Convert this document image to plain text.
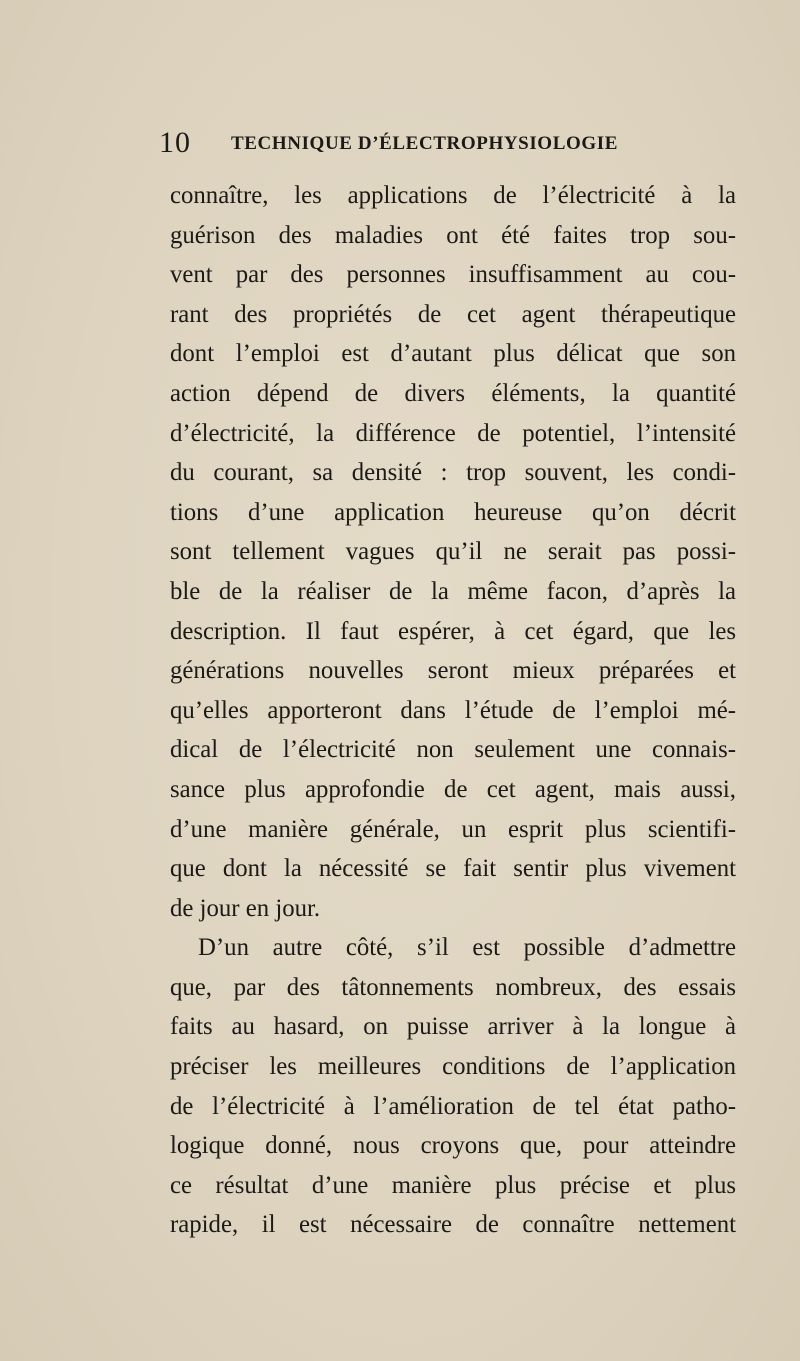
10 TECHNIQUE D’ÉLECTROPHYSIOLOGIE
connaître, les applications de l’électricité à la
guérison des maladies ont été faites trop sou-
vent par des personnes insuffisamment au cou-
rant des propriétés de cet agent thérapeutique
dont l’emploi est d’autant plus délicat que son
action dépend de divers éléments, la quantité
d’électricité, la différence de potentiel, l’intensité
du courant, sa densité : trop souvent, les condi-
tions d’une application heureuse qu’on décrit
sont tellement vagues qu’il ne serait pas possi-
ble de la réaliser de la même facon, d’après la
description. Il faut espérer, à cet égard, que les
générations nouvelles seront mieux préparées et
qu’elles apporteront dans l’étude de l’emploi mé-
dical de l’électricité non seulement une connais-
sance plus approfondie de cet agent, mais aussi,
d’une manière générale, un esprit plus scientifi-
que dont la nécessité se fait sentir plus vivement
de jour en jour.
D’un autre côté, s’il est possible d’admettre
que, par des tâtonnements nombreux, des essais
faits au hasard, on puisse arriver à la longue à
préciser les meilleures conditions de l’application
de l’électricité à l’amélioration de tel état patho-
logique donné, nous croyons que, pour atteindre
ce résultat d’une manière plus précise et plus
rapide, il est nécessaire de connaître nettement
